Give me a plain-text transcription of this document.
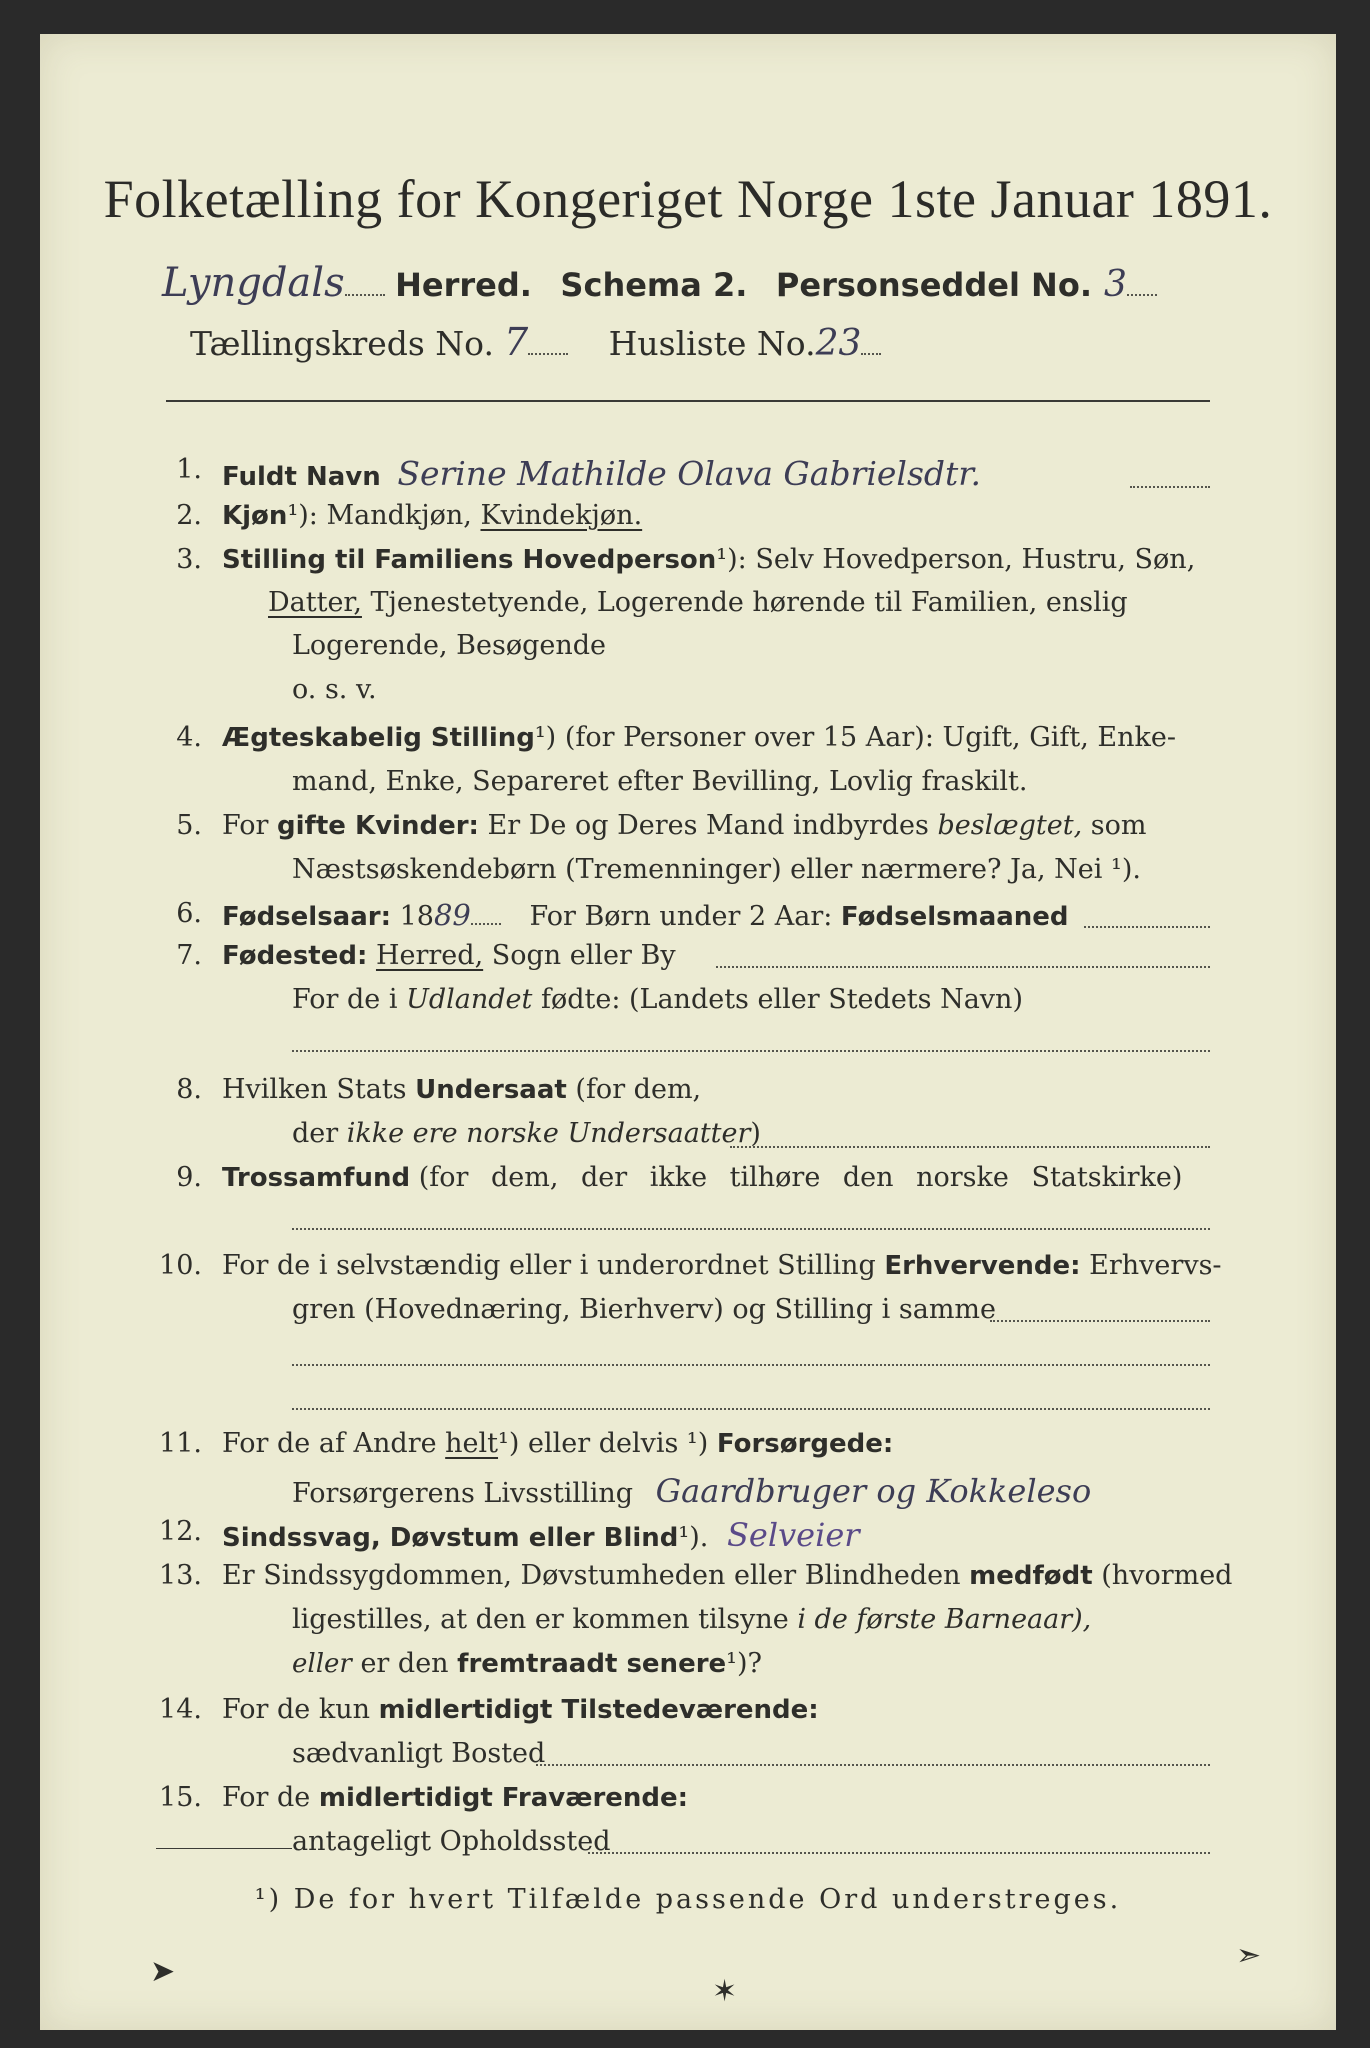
Folketælling for Kongeriget Norge 1ste Januar 1891.
Lyngdals Herred. Schema 2. Personseddel No. 3
Tællingskreds No. 7 Husliste No.23
1. Fuldt Navn Serine Mathilde Olava Gabrielsdtr.
2. Kjøn¹): Mandkjøn, Kvindekjøn.
3. Stilling til Familiens Hovedperson¹): Selv Hovedperson, Hustru, Søn,
Datter, Tjenestetyende, Logerende hørende til Familien, enslig
Logerende, Besøgende
o. s. v.
4. Ægteskabelig Stilling¹) (for Personer over 15 Aar): Ugift, Gift, Enke-
mand, Enke, Separeret efter Bevilling, Lovlig fraskilt.
5. For gifte Kvinder: Er De og Deres Mand indbyrdes beslægtet, som
Næstsøskendebørn (Tremenninger) eller nærmere? Ja, Nei ¹).
6. Fødselsaar: 1889 For Børn under 2 Aar: Fødselsmaaned
7. Fødested: Herred, Sogn eller By
For de i Udlandet fødte: (Landets eller Stedets Navn)
8. Hvilken Stats Undersaat (for dem,
der ikke ere norske Undersaatter)
9. Trossamfund (for dem, der ikke tilhøre den norske Statskirke)
10. For de i selvstændig eller i underordnet Stilling Erhvervende: Erhvervs-
gren (Hovednæring, Bierhverv) og Stilling i samme
11. For de af Andre helt¹) eller delvis ¹) Forsørgede:
Forsørgerens Livsstilling Gaardbruger og Kokkeleso
12. Sindssvag, Døvstum eller Blind¹). Selveier
13. Er Sindssygdommen, Døvstumheden eller Blindheden medfødt (hvormed
ligestilles, at den er kommen tilsyne i de første Barneaar),
eller er den fremtraadt senere¹)?
14. For de kun midlertidigt Tilstedeværende:
sædvanligt Bosted
15. For de midlertidigt Fraværende:
antageligt Opholdssted
¹) De for hvert Tilfælde passende Ord understreges.
➤
✶
➣
